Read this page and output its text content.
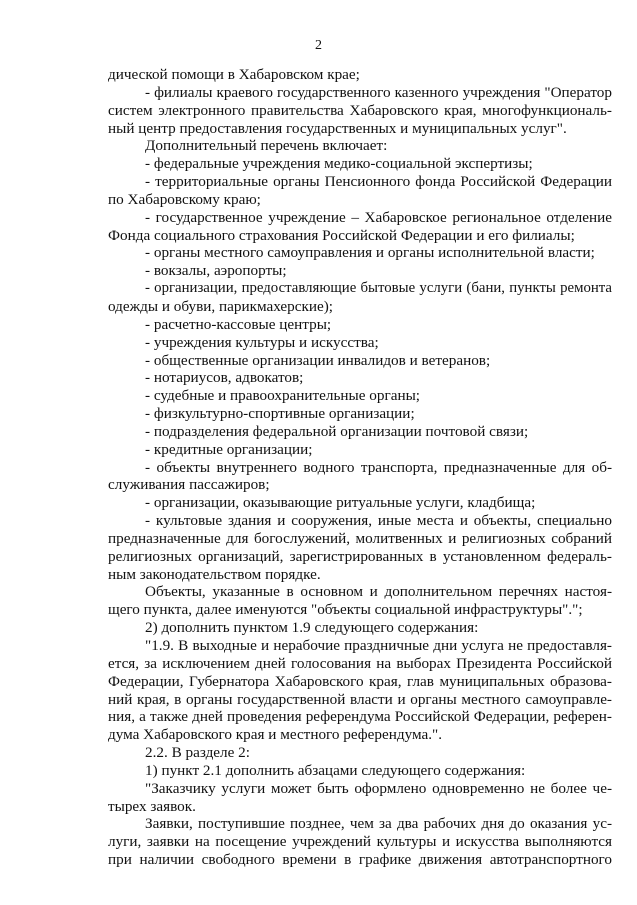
2
дической помощи в Хабаровском крае;
- филиалы краевого государственного казенного учреждения "Оператор
систем электронного правительства Хабаровского края, многофункциональ-
ный центр предоставления государственных и муниципальных услуг".
Дополнительный перечень включает:
- федеральные учреждения медико-социальной экспертизы;
- территориальные органы Пенсионного фонда Российской Федерации
по Хабаровскому краю;
- государственное учреждение – Хабаровское региональное отделение
Фонда социального страхования Российской Федерации и его филиалы;
- органы местного самоуправления и органы исполнительной власти;
- вокзалы, аэропорты;
- организации, предоставляющие бытовые услуги (бани, пункты ремонта
одежды и обуви, парикмахерские);
- расчетно-кассовые центры;
- учреждения культуры и искусства;
- общественные организации инвалидов и ветеранов;
- нотариусов, адвокатов;
- судебные и правоохранительные органы;
- физкультурно-спортивные организации;
- подразделения федеральной организации почтовой связи;
- кредитные организации;
- объекты внутреннего водного транспорта, предназначенные для об-
служивания пассажиров;
- организации, оказывающие ритуальные услуги, кладбища;
- культовые здания и сооружения, иные места и объекты, специально
предназначенные для богослужений, молитвенных и религиозных собраний
религиозных организаций, зарегистрированных в установленном федераль-
ным законодательством порядке.
Объекты, указанные в основном и дополнительном перечнях настоя-
щего пункта, далее именуются "объекты социальной инфраструктуры".";
2) дополнить пунктом 1.9 следующего содержания:
"1.9. В выходные и нерабочие праздничные дни услуга не предоставля-
ется, за исключением дней голосования на выборах Президента Российской
Федерации, Губернатора Хабаровского края, глав муниципальных образова-
ний края, в органы государственной власти и органы местного самоуправле-
ния, а также дней проведения референдума Российской Федерации, референ-
дума Хабаровского края и местного референдума.".
2.2. В разделе 2:
1) пункт 2.1 дополнить абзацами следующего содержания:
"Заказчику услуги может быть оформлено одновременно не более че-
тырех заявок.
Заявки, поступившие позднее, чем за два рабочих дня до оказания ус-
луги, заявки на посещение учреждений культуры и искусства выполняются
при наличии свободного времени в графике движения автотранспортного
